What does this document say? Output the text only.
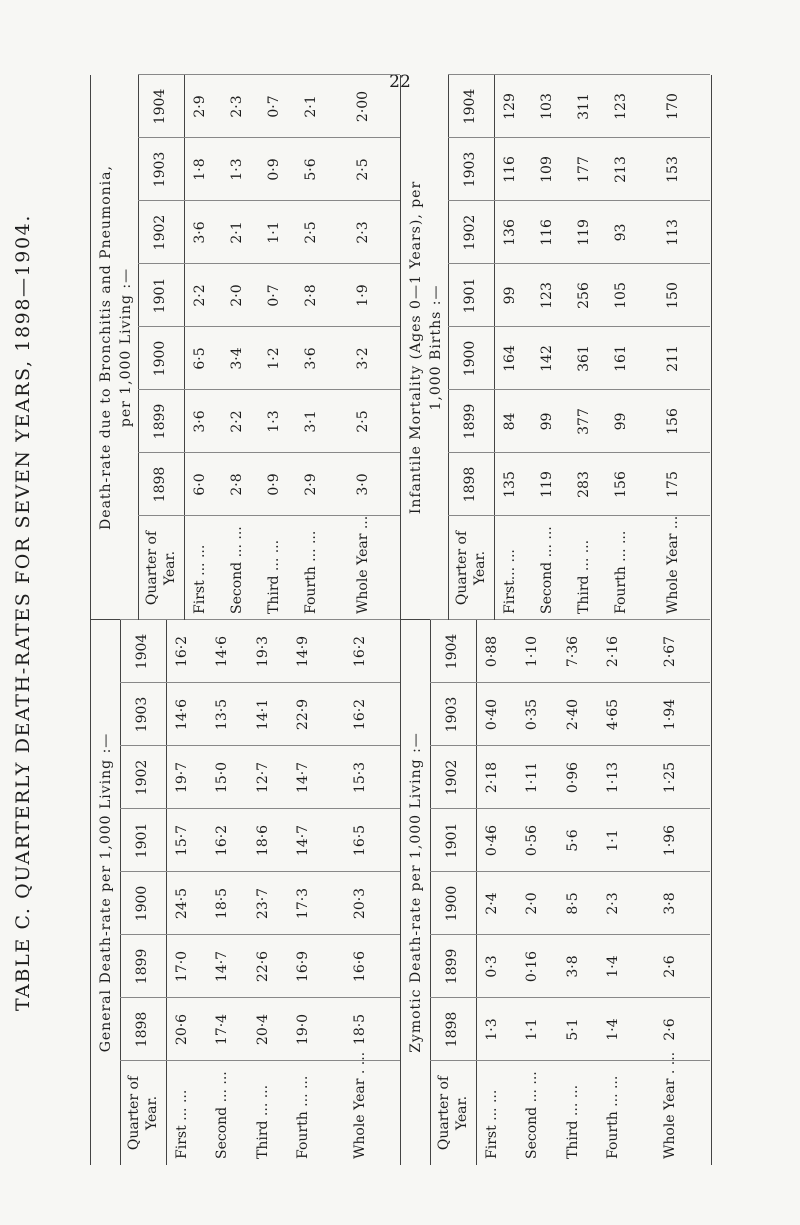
22
TABLE C. QUARTERLY DEATH-RATES FOR SEVEN YEARS, 1898—1904.	General Death-rate per 1,000 Living :—
Quarter of Year.
1898
1899
1900
1901
1902
1903
1904
First ... ...
20·6
17·0
24·5
15·7
19·7
14·6
16·2
Second ... ...
17·4
14·7
18·5
16·2
15·0
13·5
14·6
Third ... ...
20·4
22·6
23·7
18·6
12·7
14·1
19·3
Fourth ... ...
19·0
16·9
17·3
14·7
14·7
22·9
14·9
Whole Year . ...
18·5
16·6
20·3
16·5
15·3
16·2
16·2
Zymotic Death-rate per 1,000 Living :—
Quarter of Year.
1898
1899
1900
1901
1902
1903
1904
First ... ...
1·3
0·3
2·4
0·46
2·18
0·40
0·88
Second ... ...
1·1
0·16
2·0
0·56
1·11
0·35
1·10
Third ... ...
5·1
3·8
8·5
5·6
0·96
2·40
7·36
Fourth ... ...
1·4
1·4
2·3
1·1
1·13
4·65
2·16
Whole Year . ...
2·6
2·6
3·8
1·96
1·25
1·94
2·67
Death-rate due to Bronchitis and Pneumonia, per 1,000 Living :—
Quarter of Year.
1898
1899
1900
1901
1902
1903
1904
First ... ...
6·0
3·6
6·5
2·2
3·6
1·8
2·9
Second ... ...
2·8
2·2
3·4
2·0
2·1
1·3
2·3
Third ... ...
0·9
1·3
1·2
0·7
1·1
0·9
0·7
Fourth ... ...
2·9
3·1
3·6
2·8
2·5
5·6
2·1
Whole Year ...
3·0
2·5
3·2
1·9
2·3
2·5
2·00
Infantile Mortality (Ages 0—1 Years), per 1,000 Births :—
Quarter of Year.
1898
1899
1900
1901
1902
1903
1904
First... ...
135
84
164
99
136
116
129
Second ... ...
119
99
142
123
116
109
103
Third ... ...
283
377
361
256
119
177
311
Fourth ... ...
156
99
161
105
93
213
123
Whole Year ...
175
156
211
150
113
153
170
